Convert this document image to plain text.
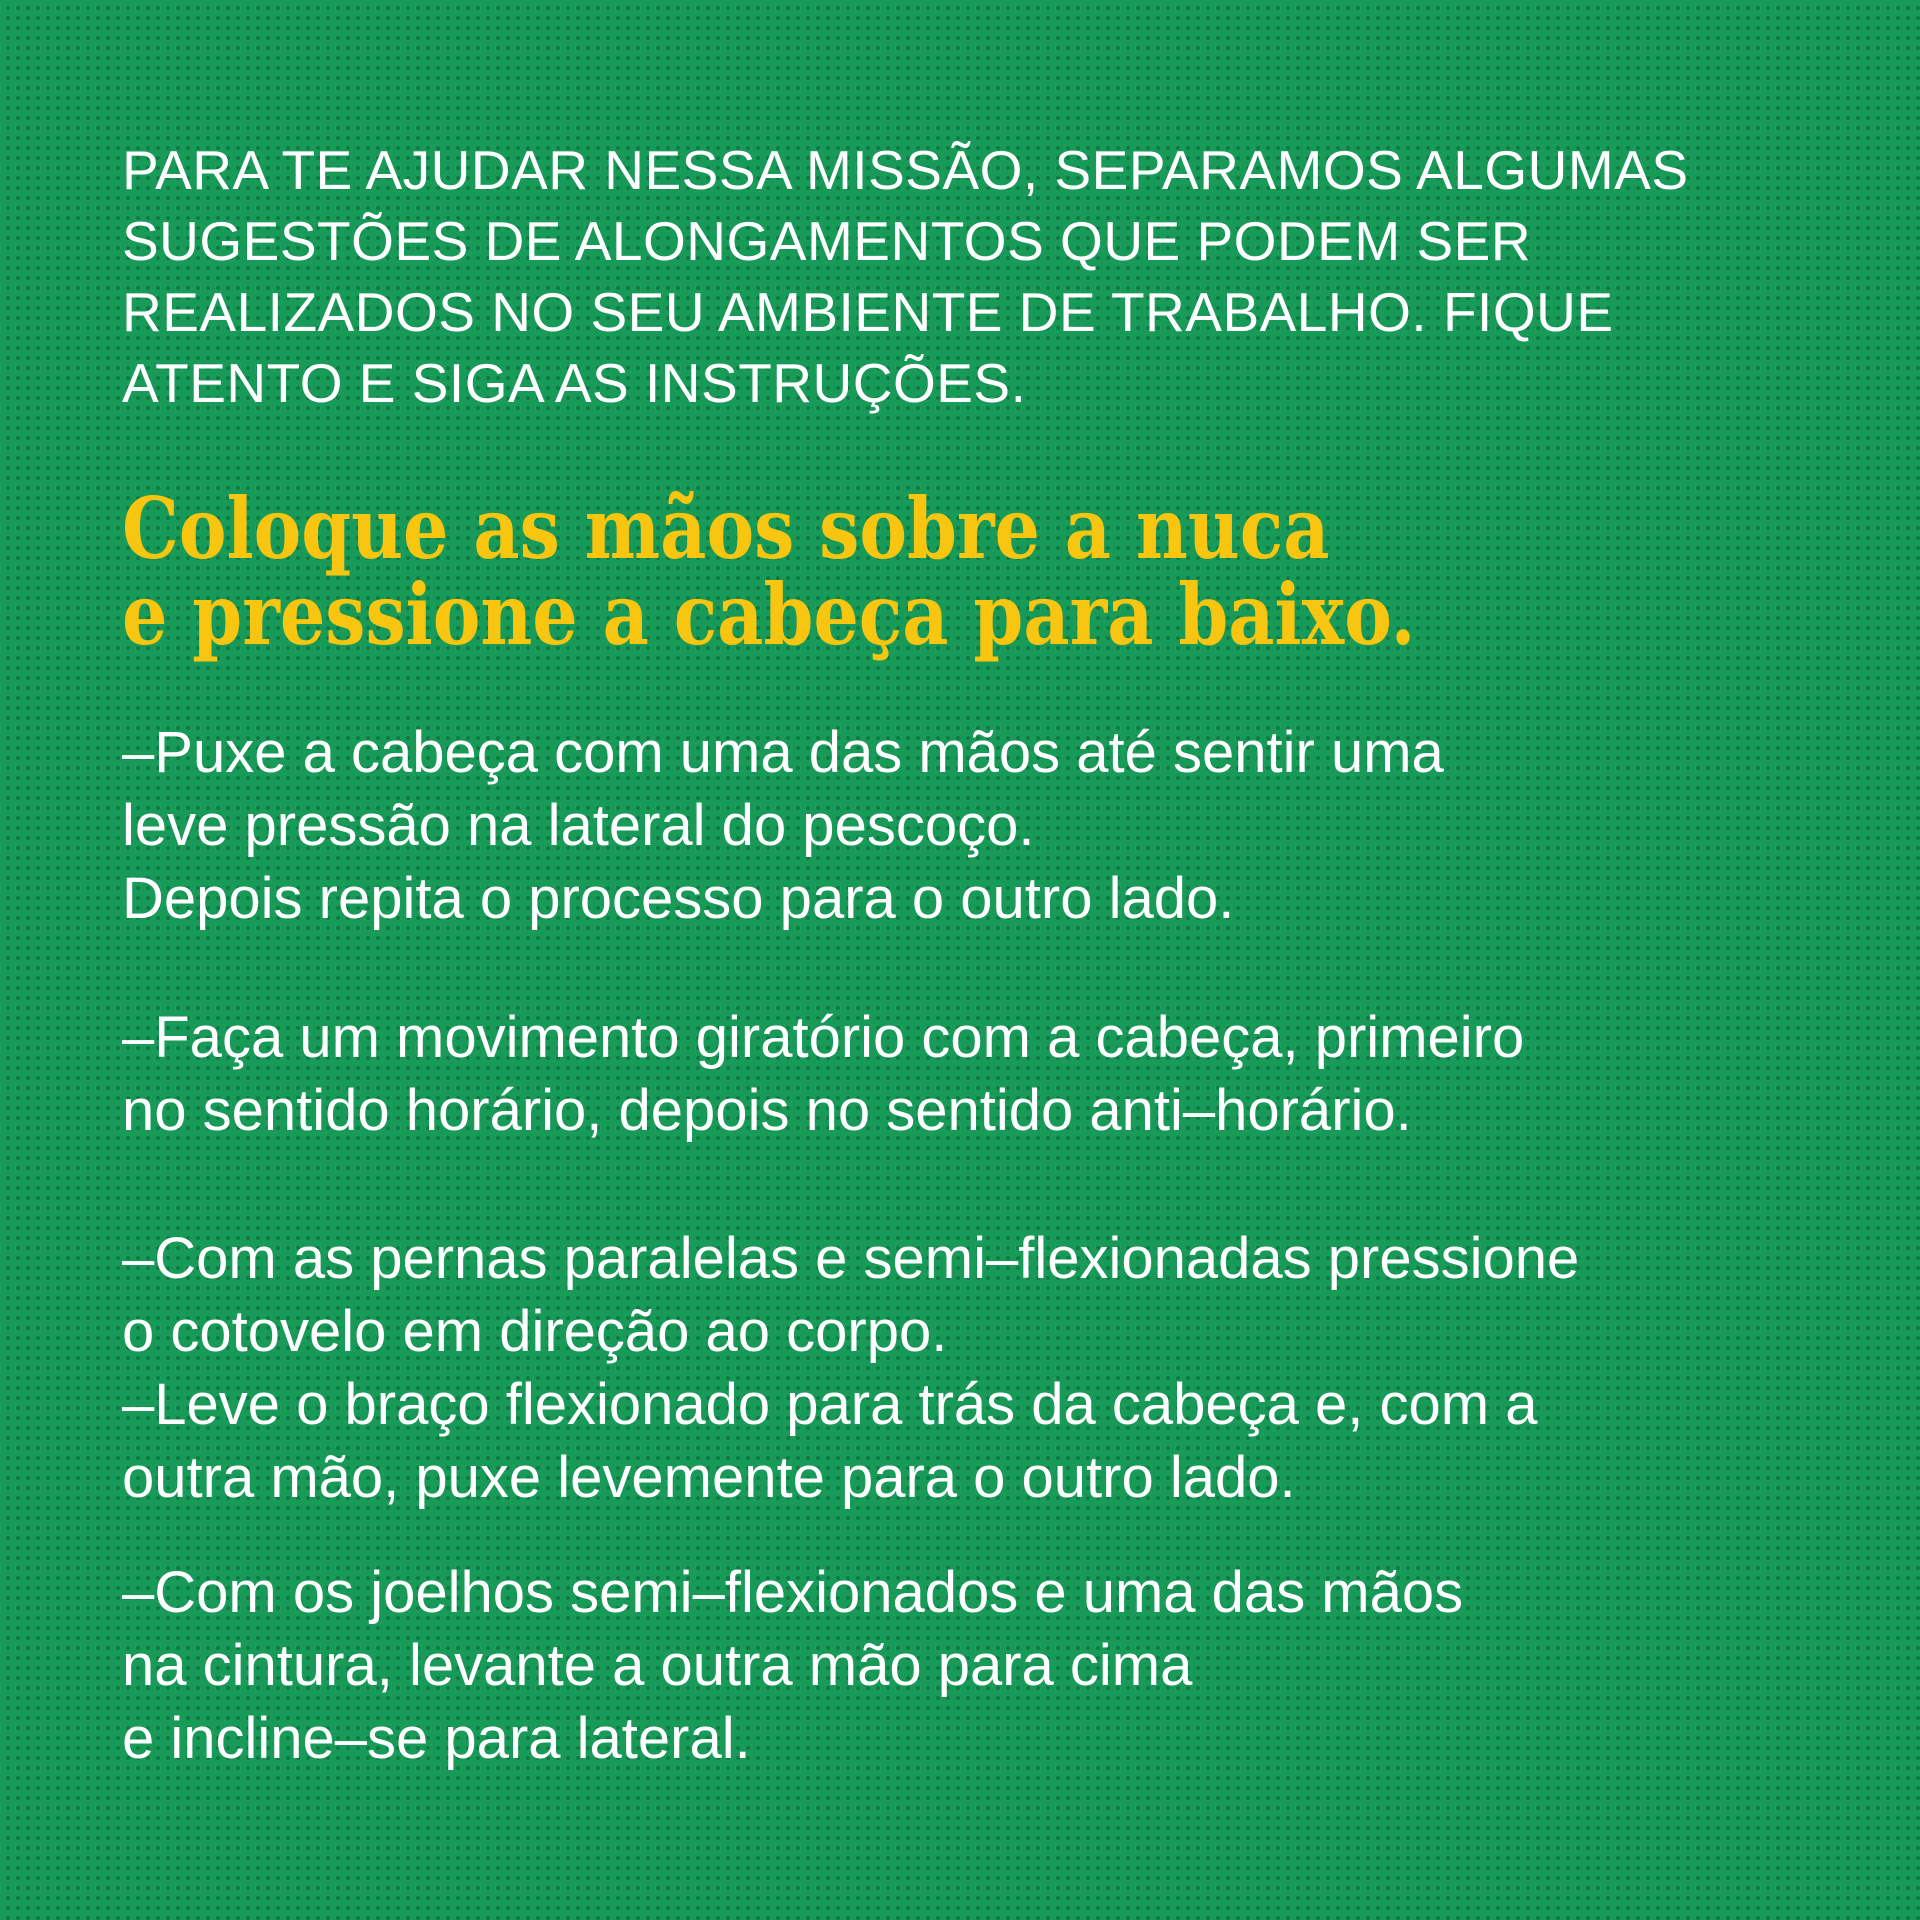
PARA TE AJUDAR NESSA MISSÃO, SEPARAMOS ALGUMAS
SUGESTÕES DE ALONGAMENTOS QUE PODEM SER
REALIZADOS NO SEU AMBIENTE DE TRABALHO. FIQUE
ATENTO E SIGA AS INSTRUÇÕES.
Coloque as mãos sobre a nuca
e pressione a cabeça para baixo.
–Puxe a cabeça com uma das mãos até sentir uma
leve pressão na lateral do pescoço.
Depois repita o processo para o outro lado.
–Faça um movimento giratório com a cabeça, primeiro
no sentido horário, depois no sentido anti–horário.
–Com as pernas paralelas e semi–flexionadas pressione
o cotovelo em direção ao corpo.
–Leve o braço flexionado para trás da cabeça e, com a
outra mão, puxe levemente para o outro lado.
–Com os joelhos semi–flexionados e uma das mãos
na cintura, levante a outra mão para cima
e incline–se para lateral.
